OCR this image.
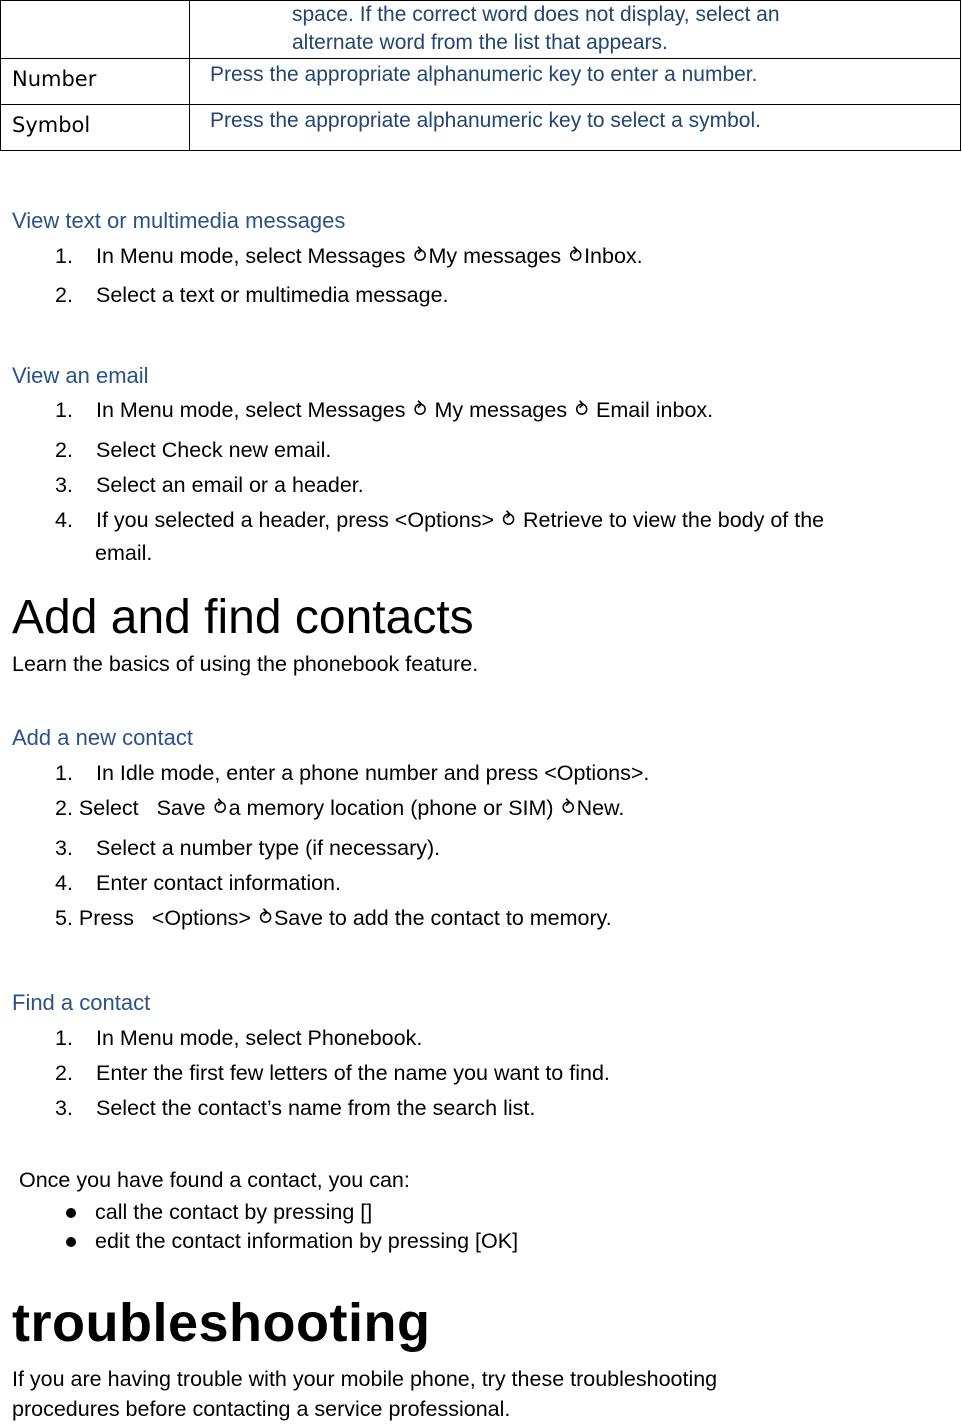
	space. If the correct word does not display, select an
alternate word from the list that appears.

Number	Press the appropriate alphanumeric key to enter a number.
Symbol	Press the appropriate alphanumeric key to select a symbol.
View text or multimedia messages
1. In Menu mode, select Messages ⥁My messages ⥁Inbox.
2. Select a text or multimedia message.
View an email
1. In Menu mode, select Messages ⥁ My messages ⥁ Email inbox.
2. Select Check new email.
3. Select an email or a header.
4. If you selected a header, press <Options> ⥁ Retrieve to view the body of the
email.
Add and find contacts
Learn the basics of using the phonebook feature.
Add a new contact
1. In Idle mode, enter a phone number and press <Options>.
2. Select   Save ⥁a memory location (phone or SIM) ⥁New.
3. Select a number type (if necessary).
4. Enter contact information.
5. Press   <Options> ⥁Save to add the contact to memory.
Find a contact
1. In Menu mode, select Phonebook.
2. Enter the first few letters of the name you want to find.
3. Select the contact’s name from the search list.
Once you have found a contact, you can:
call the contact by pressing []
edit the contact information by pressing [OK]
troubleshooting
If you are having trouble with your mobile phone, try these troubleshooting
procedures before contacting a service professional.
